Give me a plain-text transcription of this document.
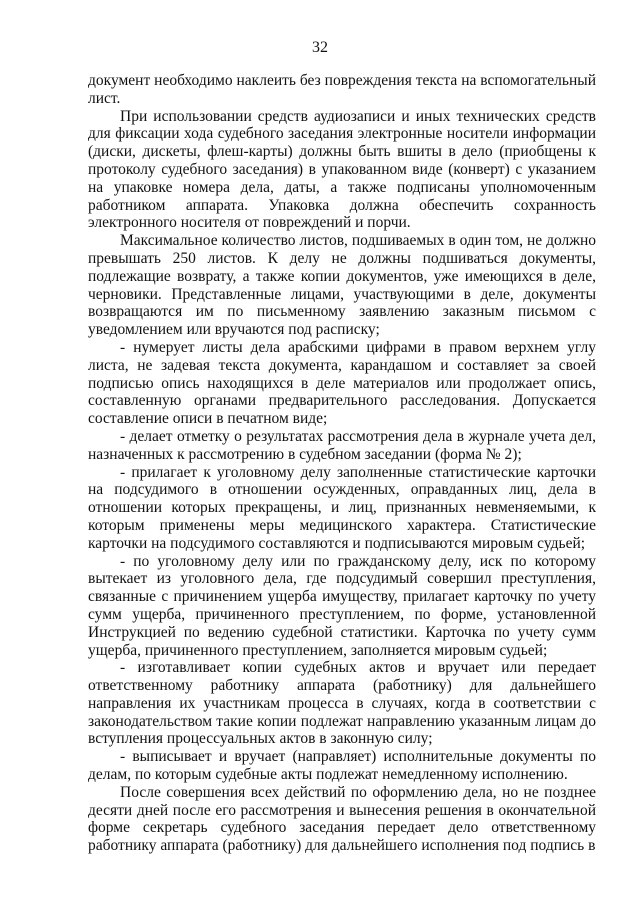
32

документ необходимо наклеить без повреждения текста на вспомогательный лист.

При использовании средств аудиозаписи и иных технических средств для фиксации хода судебного заседания электронные носители информации (диски, дискеты, флеш-карты) должны быть вшиты в дело (приобщены к протоколу судебного заседания) в упакованном виде (конверт) с указанием на упаковке номера дела, даты, а также подписаны уполномоченным работником аппарата. Упаковка должна обеспечить сохранность электронного носителя от повреждений и порчи.

Максимальное количество листов, подшиваемых в один том, не должно превышать 250 листов. К делу не должны подшиваться документы, подлежащие возврату, а также копии документов, уже имеющихся в деле, черновики. Представленные лицами, участвующими в деле, документы возвращаются им по письменному заявлению заказным письмом с уведомлением или вручаются под расписку;

- нумерует листы дела арабскими цифрами в правом верхнем углу листа, не задевая текста документа, карандашом и составляет за своей подписью опись находящихся в деле материалов или продолжает опись, составленную органами предварительного расследования. Допускается составление описи в печатном виде;

- делает отметку о результатах рассмотрения дела в журнале учета дел, назначенных к рассмотрению в судебном заседании (форма № 2);

- прилагает к уголовному делу заполненные статистические карточки на подсудимого в отношении осужденных, оправданных лиц, дела в отношении которых прекращены, и лиц, признанных невменяемыми, к которым применены меры медицинского характера. Статистические карточки на подсудимого составляются и подписываются мировым судьей;

- по уголовному делу или по гражданскому делу, иск по которому вытекает из уголовного дела, где подсудимый совершил преступления, связанные с причинением ущерба имуществу, прилагает карточку по учету сумм ущерба, причиненного преступлением, по форме, установленной Инструкцией по ведению судебной статистики. Карточка по учету сумм ущерба, причиненного преступлением, заполняется мировым судьей;

- изготавливает копии судебных актов и вручает или передает ответственному работнику аппарата (работнику) для дальнейшего направления их участникам процесса в случаях, когда в соответствии с законодательством такие копии подлежат направлению указанным лицам до вступления процессуальных актов в законную силу;

- выписывает и вручает (направляет) исполнительные документы по делам, по которым судебные акты подлежат немедленному исполнению.

После совершения всех действий по оформлению дела, но не позднее десяти дней после его рассмотрения и вынесения решения в окончательной форме секретарь судебного заседания передает дело ответственному работнику аппарата (работнику) для дальнейшего исполнения под подпись в
